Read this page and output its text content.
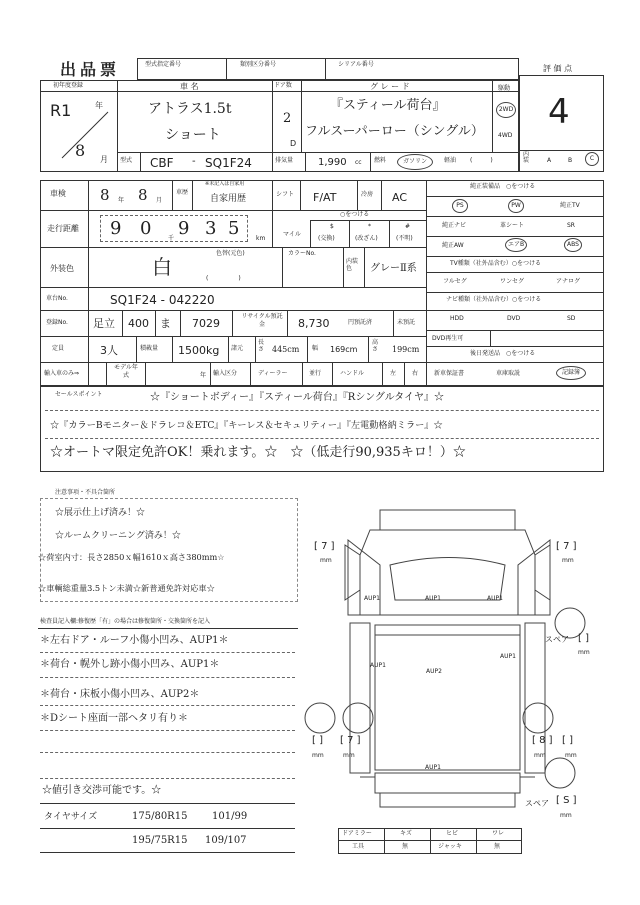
出品票	型式指定番号	類別区分番号	シリアル番号	評 価 点
4
初年度登録
R1	年
8 月
車 名
アトラス1.5t
ショート
ドア数
2
D
グ レ ー ド
『スティール荷台』
フルスーパーロー（シングル）
駆動
2WD
4WD
型式 CBF - SQ1F24	排気量 1,990 cc 燃料	ガソリン	軽油 (　　　)
内装	A	B	C
車検 8 年 8 月
車歴
※未記入は自家用
自家用歴	シフト F/AT	冷房 AC
走行距離 9 0	千 9 3 5	km
マイル
○をつける
$
(交換)
*
(改ざん)
#
(不明)
外装色	白
色替(元色)
(　　　　　)
カラーNo.
内装色	グレーⅡ系
車台No.	SQ1F24 - 042220
登録No. 足立 400 ま 7029
リサイクル預託金	8,730	円預託済	未預託
定員	3人	積載量 1500kg 諸元
長さ 445cm 幅 169cm
高さ 199cm
輸入車のみ⇒
モデル年式	年 輸入区分	ディーラー	並行	ハンドル	左	右
純正装備品　○をつける
PS	PW	純正TV
純正ナビ	革シート	SR
純正AW	エアB	ABS
TV種類（社外品含む）○をつける
フルセグ	ワンセグ	アナログ
ナビ種類（社外品含む）○をつける
HDD	DVD	SD
DVD再生可
後日発送品　○をつける
新車保証書	車庫取説	記録簿
セールスポイント	☆『ショートボディー』『スティール荷台』『Rシングルタイヤ』☆
☆『カラーBモニター＆ドラレコ＆ETC』『キーレス＆セキュリティー』『左電動格納ミラー』☆
☆オートマ限定免許OK！乗れます。☆　☆（低走行90,935キロ！）☆
注意事項・不具合箇所
☆展示仕上げ済み！☆
☆ルームクリーニング済み！☆
☆荷室内寸：長さ2850ｘ幅1610ｘ高さ380mm☆
☆車輌総重量3.5トン未満☆新普通免許対応車☆
検査員記入欄:修復歴「有」の場合は修復箇所・交換箇所を記入
＊左右ドア・ルーフ小傷小凹み、AUP1＊
＊荷台・幌外し跡小傷小凹み、AUP1＊
＊荷台・床板小傷小凹み、AUP2＊
＊Dシート座面一部ヘタリ有り＊
☆値引き交渉可能です。☆
タイヤサイズ	175/80R15 101/99
195/75R15 109/107
AUP1	AUP1	AUP1
AUP1
AUP1
AUP2
AUP1
[ 7 ]
mm
[ 7 ]
mm
[ ]
mm
[ 7 ]
mm
[ 8 ]
mm
[ ]
mm
スペア [ ]
mm
スペア [ S ]
mm
ドアミラー	キズ	ヒビ	ワレ
工具	無	ジャッキ	無
